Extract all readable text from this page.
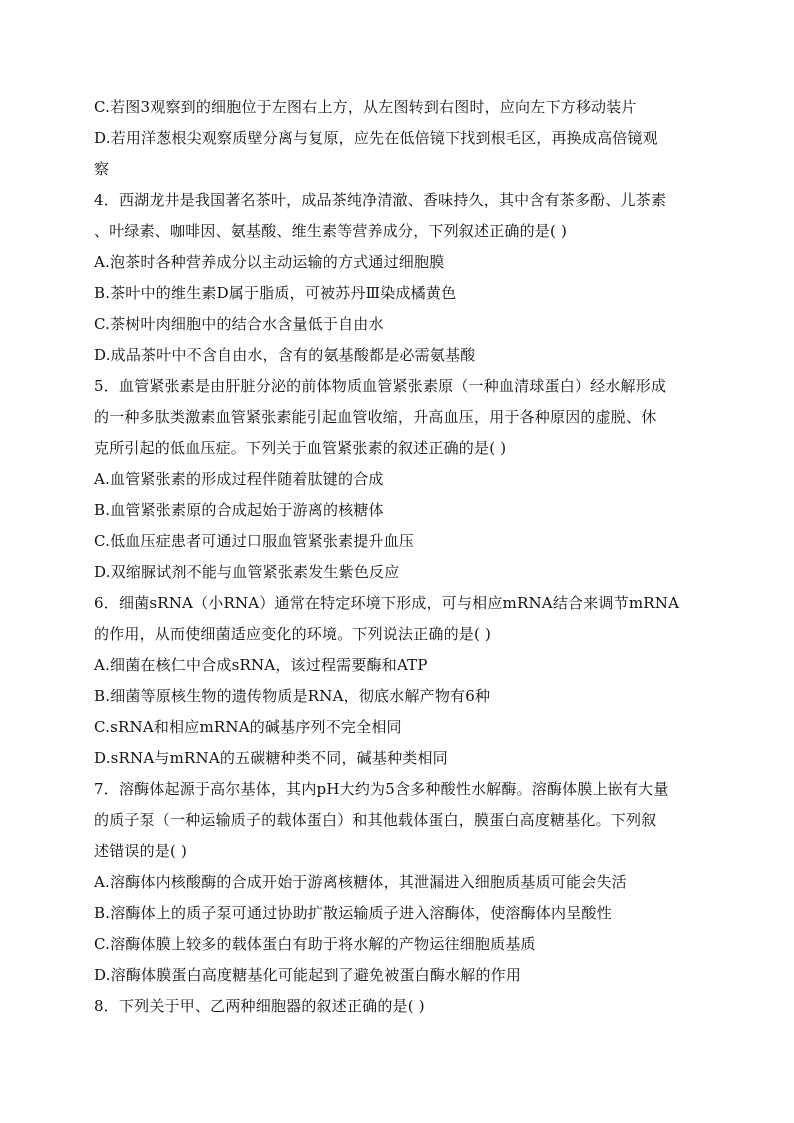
C.若图3观察到的细胞位于左图右上方，从左图转到右图时，应向左下方移动装片
D.若用洋葱根尖观察质壁分离与复原，应先在低倍镜下找到根毛区，再换成高倍镜观
察
4．西湖龙井是我国著名茶叶，成品茶纯净清澈、香味持久，其中含有茶多酚、儿茶素
、叶绿素、咖啡因、氨基酸、维生素等营养成分，下列叙述正确的是( )
A.泡茶时各种营养成分以主动运输的方式通过细胞膜
B.茶叶中的维生素D属于脂质，可被苏丹Ⅲ染成橘黄色
C.茶树叶肉细胞中的结合水含量低于自由水
D.成品茶叶中不含自由水，含有的氨基酸都是必需氨基酸
5．血管紧张素是由肝脏分泌的前体物质血管紧张素原（一种血清球蛋白）经水解形成
的一种多肽类激素血管紧张素能引起血管收缩，升高血压，用于各种原因的虚脱、休
克所引起的低血压症。下列关于血管紧张素的叙述正确的是( )
A.血管紧张素的形成过程伴随着肽键的合成
B.血管紧张素原的合成起始于游离的核糖体
C.低血压症患者可通过口服血管紧张素提升血压
D.双缩脲试剂不能与血管紧张素发生紫色反应
6．细菌sRNA（小RNA）通常在特定环境下形成，可与相应mRNA结合来调节mRNA
的作用，从而使细菌适应变化的环境。下列说法正确的是( )
A.细菌在核仁中合成sRNA，该过程需要酶和ATP
B.细菌等原核生物的遗传物质是RNA，彻底水解产物有6种
C.sRNA和相应mRNA的碱基序列不完全相同
D.sRNA与mRNA的五碳糖种类不同，碱基种类相同
7．溶酶体起源于高尔基体，其内pH大约为5含多种酸性水解酶。溶酶体膜上嵌有大量
的质子泵（一种运输质子的载体蛋白）和其他载体蛋白，膜蛋白高度糖基化。下列叙
述错误的是( )
A.溶酶体内核酸酶的合成开始于游离核糖体，其泄漏进入细胞质基质可能会失活
B.溶酶体上的质子泵可通过协助扩散运输质子进入溶酶体，使溶酶体内呈酸性
C.溶酶体膜上较多的载体蛋白有助于将水解的产物运往细胞质基质
D.溶酶体膜蛋白高度糖基化可能起到了避免被蛋白酶水解的作用
8．下列关于甲、乙两种细胞器的叙述正确的是( )
